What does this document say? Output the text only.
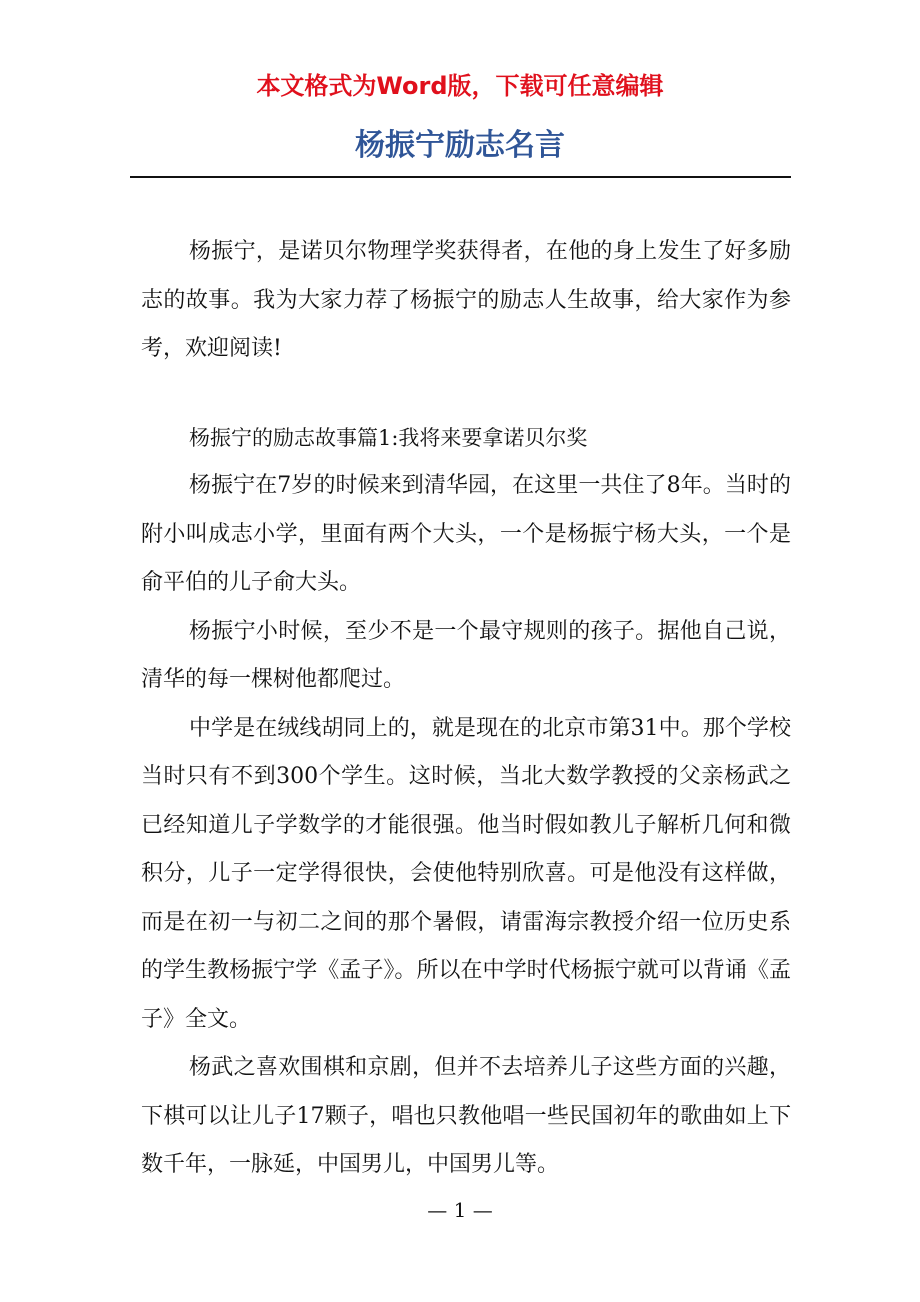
本文格式为Word版，下载可任意编辑
杨振宁励志名言

杨振宁，是诺贝尔物理学奖获得者，在他的身上发生了好多励志的故事。我为大家力荐了杨振宁的励志人生故事，给大家作为参考，欢迎阅读!

杨振宁的励志故事篇1:我将来要拿诺贝尔奖

杨振宁在7岁的时候来到清华园，在这里一共住了8年。当时的附小叫成志小学，里面有两个大头，一个是杨振宁杨大头，一个是俞平伯的儿子俞大头。

杨振宁小时候，至少不是一个最守规则的孩子。据他自己说，清华的每一棵树他都爬过。

中学是在绒线胡同上的，就是现在的北京市第31中。那个学校当时只有不到300个学生。这时候，当北大数学教授的父亲杨武之已经知道儿子学数学的才能很强。他当时假如教儿子解析几何和微积分，儿子一定学得很快，会使他特别欣喜。可是他没有这样做，而是在初一与初二之间的那个暑假，请雷海宗教授介绍一位历史系的学生教杨振宁学《孟子》。所以在中学时代杨振宁就可以背诵《孟子》全文。

杨武之喜欢围棋和京剧，但并不去培养儿子这些方面的兴趣，下棋可以让儿子17颗子，唱也只教他唱一些民国初年的歌曲如上下数千年，一脉延，中国男儿，中国男儿等。

— 1 —
